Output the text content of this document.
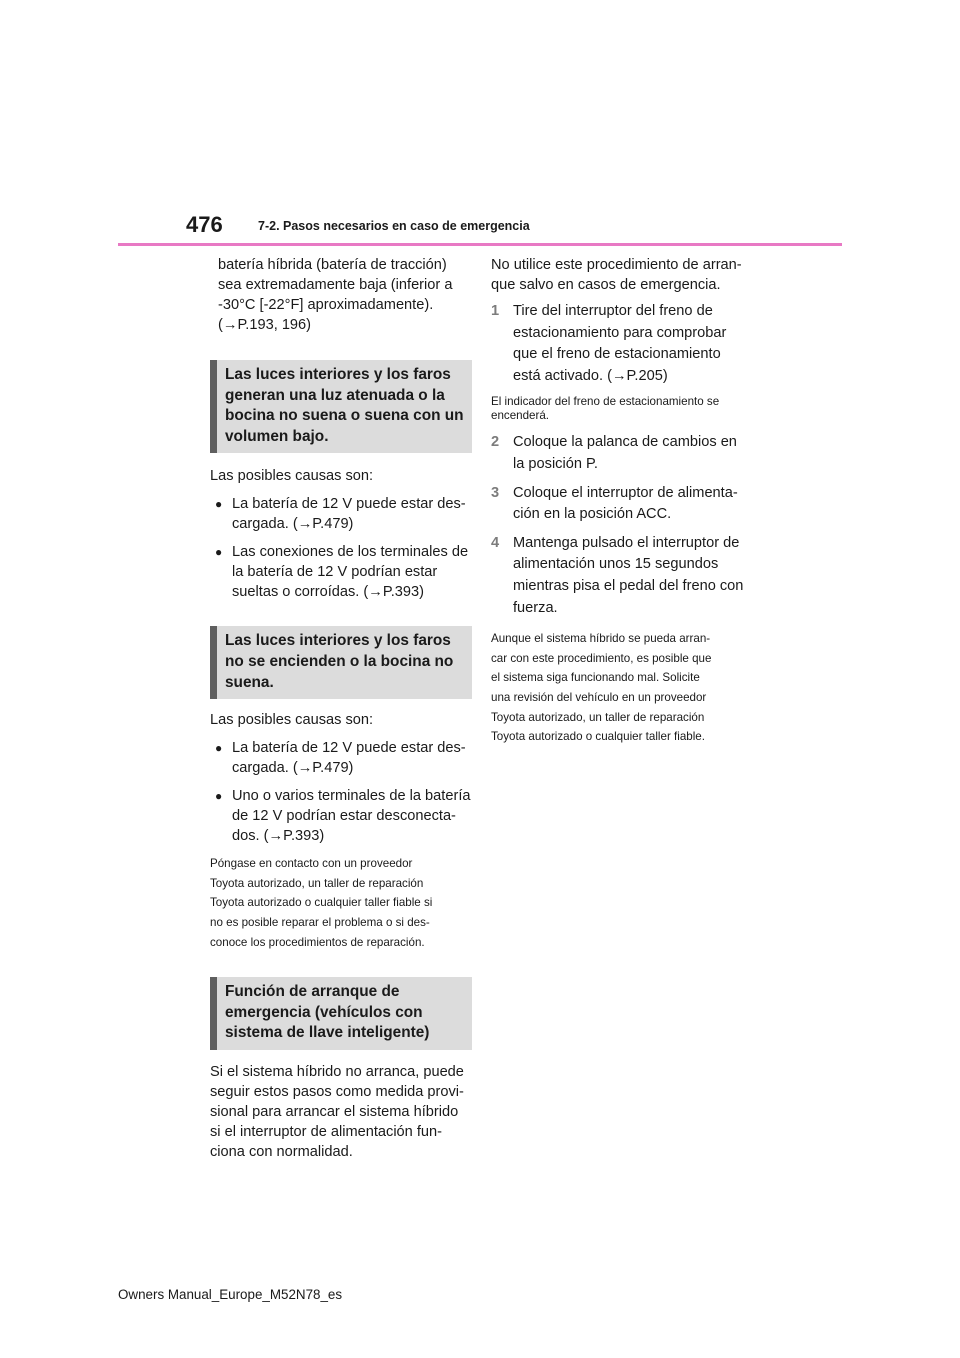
476	7-2. Pasos necesarios en caso de emergencia

batería híbrida (batería de tracción)

sea extremadamente baja (inferior a

-30°C [-22°F] aproximadamente).

(→P.193, 196)

Las luces interiores y los faros generan una luz atenuada o la bocina no suena o suena con un volumen bajo.

Las posibles causas son:

● La batería de 12 V puede estar des-
cargada. (→P.479)
● Las conexiones de los terminales de
la batería de 12 V podrían estar
sueltas o corroídas. (→P.393)
Las luces interiores y los faros no se encienden o la bocina no suena.

Las posibles causas son:

● La batería de 12 V puede estar des-
cargada. (→P.479)
● Uno o varios terminales de la batería
de 12 V podrían estar desconecta-
dos. (→P.393)

Póngase en contacto con un proveedor

Toyota autorizado, un taller de reparación

Toyota autorizado o cualquier taller fiable si

no es posible reparar el problema o si des-

conoce los procedimientos de reparación.

Función de arranque de emergencia (vehículos con sistema de llave inteligente)

Si el sistema híbrido no arranca, puede

seguir estos pasos como medida provi-

sional para arrancar el sistema híbrido

si el interruptor de alimentación fun-

ciona con normalidad.

No utilice este procedimiento de arran-

que salvo en casos de emergencia.

1 Tire del interruptor del freno de
estacionamiento para comprobar
que el freno de estacionamiento
está activado. (→P.205)

El indicador del freno de estacionamiento se

encenderá.

2 Coloque la palanca de cambios en
la posición P.
3 Coloque el interruptor de alimenta-
ción en la posición ACC.
4 Mantenga pulsado el interruptor de
alimentación unos 15 segundos
mientras pisa el pedal del freno con
fuerza.

Aunque el sistema híbrido se pueda arran-

car con este procedimiento, es posible que

el sistema siga funcionando mal. Solicite

una revisión del vehículo en un proveedor

Toyota autorizado, un taller de reparación

Toyota autorizado o cualquier taller fiable.

Owners Manual_Europe_M52N78_es
